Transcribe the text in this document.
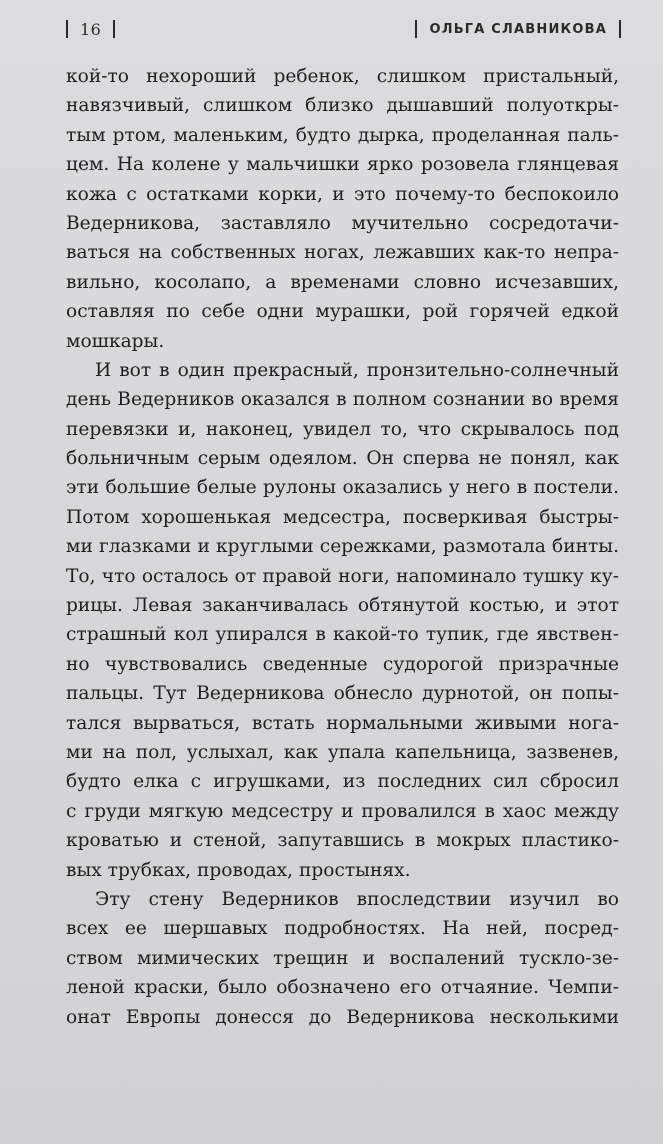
16	ОЛЬГА СЛАВНИКОВА
кой-то нехороший ребенок, слишком пристальный,
навязчивый, слишком близко дышавший полуоткры-
тым ртом, маленьким, будто дырка, проделанная паль-
цем. На колене у мальчишки ярко розовела глянцевая
кожа с остатками корки, и это почему-то беспокоило
Ведерникова, заставляло мучительно сосредотачи-
ваться на собственных ногах, лежавших как-то непра-
вильно, косолапо, а временами словно исчезавших,
оставляя по себе одни мурашки, рой горячей едкой
мошкары.
И вот в один прекрасный, пронзительно-солнечный
день Ведерников оказался в полном сознании во время
перевязки и, наконец, увидел то, что скрывалось под
больничным серым одеялом. Он сперва не понял, как
эти большие белые рулоны оказались у него в постели.
Потом хорошенькая медсестра, посверкивая быстры-
ми глазками и круглыми сережками, размотала бинты.
То, что осталось от правой ноги, напоминало тушку ку-
рицы. Левая заканчивалась обтянутой костью, и этот
страшный кол упирался в какой-то тупик, где явствен-
но чувствовались сведенные судорогой призрачные
пальцы. Тут Ведерникова обнесло дурнотой, он попы-
тался вырваться, встать нормальными живыми нога-
ми на пол, услыхал, как упала капельница, зазвенев,
будто елка с игрушками, из последних сил сбросил
с груди мягкую медсестру и провалился в хаос между
кроватью и стеной, запутавшись в мокрых пластико-
вых трубках, проводах, простынях.
Эту стену Ведерников впоследствии изучил во
всех ее шершавых подробностях. На ней, посред-
ством мимических трещин и воспалений тускло-зе-
леной краски, было обозначено его отчаяние. Чемпи-
онат Европы донесся до Ведерникова несколькими
